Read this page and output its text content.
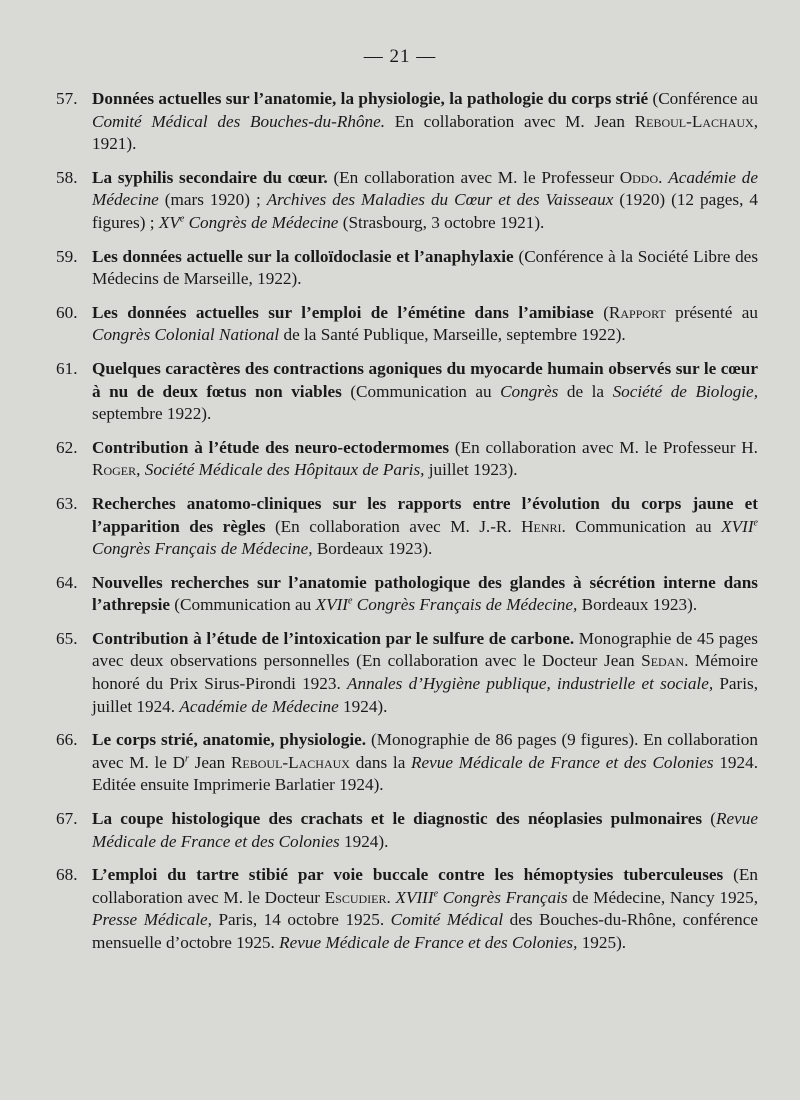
— 21 —
57. Données actuelles sur l’anatomie, la physiologie, la pathologie du corps strié (Conférence au Comité Médical des Bouches-du-Rhône. En collaboration avec M. Jean Reboul-Lachaux, 1921).
58. La syphilis secondaire du cœur. (En collaboration avec M. le Professeur Oddo. Académie de Médecine (mars 1920) ; Archives des Maladies du Cœur et des Vaisseaux (1920) (12 pages, 4 figures) ; XVe Congrès de Médecine (Strasbourg, 3 octobre 1921).
59. Les données actuelle sur la colloïdoclasie et l’anaphylaxie (Conférence à la Société Libre des Médecins de Marseille, 1922).
60. Les données actuelles sur l’emploi de l’émétine dans l’amibiase (Rapport présenté au Congrès Colonial National de la Santé Publique, Marseille, septembre 1922).
61. Quelques caractères des contractions agoniques du myocarde humain observés sur le cœur à nu de deux fœtus non viables (Communication au Congrès de la Société de Biologie, septembre 1922).
62. Contribution à l’étude des neuro-ectodermomes (En collaboration avec M. le Professeur H. Roger, Société Médicale des Hôpitaux de Paris, juillet 1923).
63. Recherches anatomo-cliniques sur les rapports entre l’évolution du corps jaune et l’apparition des règles (En collaboration avec M. J.-R. Henri. Communication au XVIIe Congrès Français de Médecine, Bordeaux 1923).
64. Nouvelles recherches sur l’anatomie pathologique des glandes à sécrétion interne dans l’athrepsie (Communication au XVIIe Congrès Français de Médecine, Bordeaux 1923).
65. Contribution à l’étude de l’intoxication par le sulfure de carbone. Monographie de 45 pages avec deux observations personnelles (En collaboration avec le Docteur Jean Sedan. Mémoire honoré du Prix Sirus-Pirondi 1923. Annales d’Hygiène publique, industrielle et sociale, Paris, juillet 1924. Académie de Médecine 1924).
66. Le corps strié, anatomie, physiologie. (Monographie de 86 pages (9 figures). En collaboration avec M. le $D^r$ Jean Reboul-Lachaux dans la Revue Médicale de France et des Colonies 1924. Editée ensuite Imprimerie Barlatier 1924).
67. La coupe histologique des crachats et le diagnostic des néoplasies pulmonaires (Revue Médicale de France et des Colonies 1924).
68. L’emploi du tartre stibié par voie buccale contre les hémoptysies tuberculeuses (En collaboration avec M. le Docteur Escudier. XVIIIe Congrès Français de Médecine, Nancy 1925, Presse Médicale, Paris, 14 octobre 1925. Comité Médical des Bouches-du-Rhône, conférence mensuelle d’octobre 1925. Revue Médicale de France et des Colonies, 1925).
